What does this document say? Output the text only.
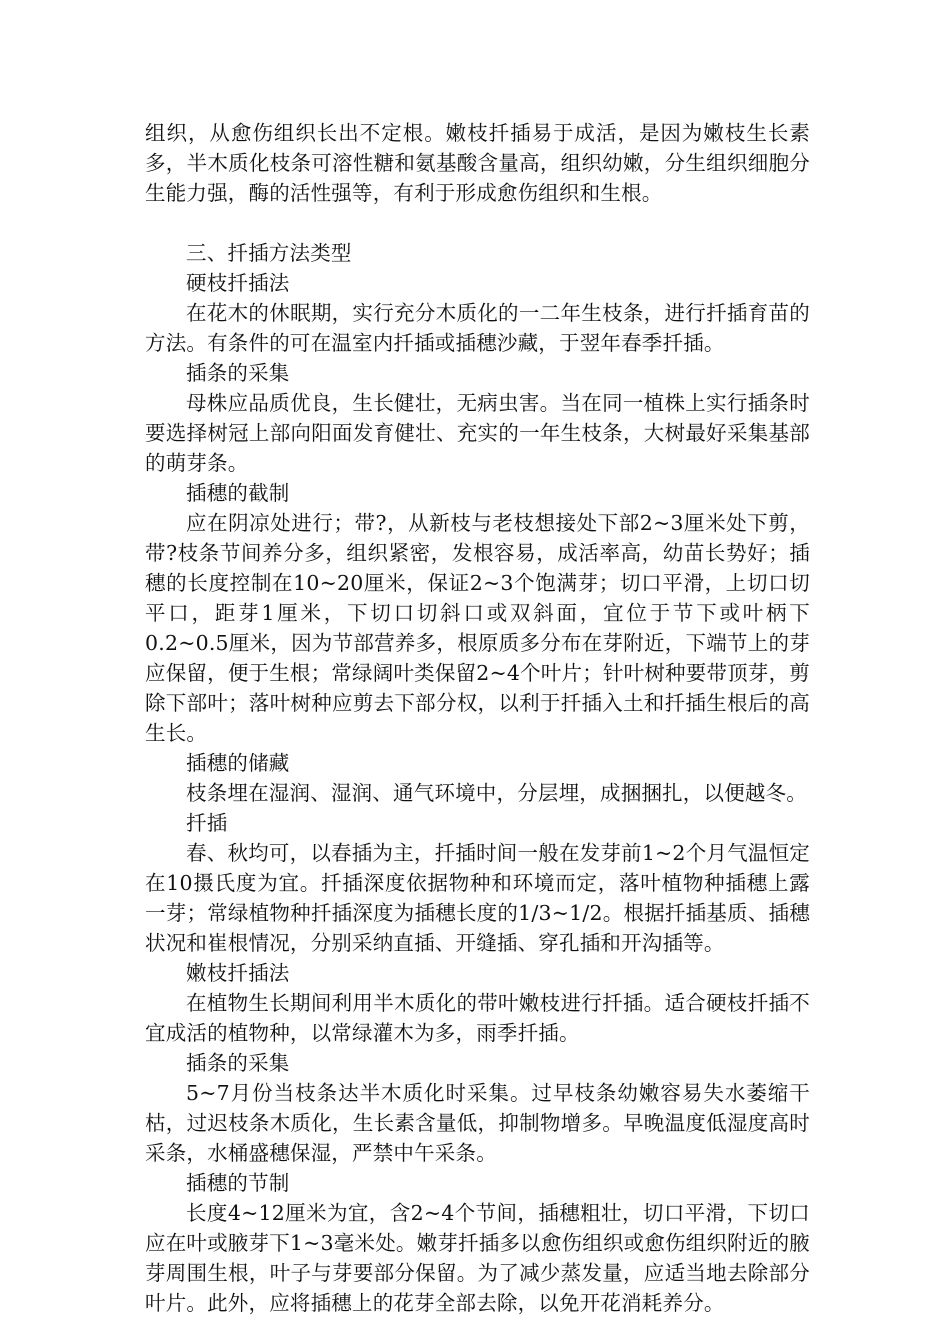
组织，从愈伤组织长出不定根。嫩枝扦插易于成活，是因为嫩枝生长素多，半木质化枝条可溶性糖和氨基酸含量高，组织幼嫩，分生组织细胞分生能力强，酶的活性强等，有利于形成愈伤组织和生根。

三、扦插方法类型

硬枝扦插法

在花木的休眠期，实行充分木质化的一二年生枝条，进行扦插育苗的方法。有条件的可在温室内扦插或插穗沙藏，于翌年春季扦插。

插条的采集

母株应品质优良，生长健壮，无病虫害。当在同一植株上实行插条时要选择树冠上部向阳面发育健壮、充实的一年生枝条，大树最好采集基部的萌芽条。

插穗的截制

应在阴凉处进行；带?，从新枝与老枝想接处下部2~3厘米处下剪，带?枝条节间养分多，组织紧密，发根容易，成活率高，幼苗长势好；插穗的长度控制在10~20厘米，保证2~3个饱满芽；切口平滑，上切口切平口，距芽1厘米，下切口切斜口或双斜面，宜位于节下或叶柄下0.2~0.5厘米，因为节部营养多，根原质多分布在芽附近，下端节上的芽应保留，便于生根；常绿阔叶类保留2~4个叶片；针叶树种要带顶芽，剪除下部叶；落叶树种应剪去下部分权，以利于扦插入土和扦插生根后的高生长。

插穗的储藏

枝条埋在湿润、湿润、通气环境中，分层埋，成捆捆扎，以便越冬。

扦插

春、秋均可，以春插为主，扦插时间一般在发芽前1~2个月气温恒定在10摄氏度为宜。扦插深度依据物种和环境而定，落叶植物种插穗上露一芽；常绿植物种扦插深度为插穗长度的1/3~1/2。根据扦插基质、插穗状况和崔根情况，分别采纳直插、开缝插、穿孔插和开沟插等。

嫩枝扦插法

在植物生长期间利用半木质化的带叶嫩枝进行扦插。适合硬枝扦插不宜成活的植物种，以常绿灌木为多，雨季扦插。

插条的采集

5~7月份当枝条达半木质化时采集。过早枝条幼嫩容易失水萎缩干枯，过迟枝条木质化，生长素含量低，抑制物增多。早晚温度低湿度高时采条，水桶盛穗保湿，严禁中午采条。

插穗的节制

长度4~12厘米为宜，含2~4个节间，插穗粗壮，切口平滑，下切口应在叶或腋芽下1~3毫米处。嫩芽扦插多以愈伤组织或愈伤组织附近的腋芽周围生根，叶子与芽要部分保留。为了减少蒸发量，应适当地去除部分叶片。此外，应将插穗上的花芽全部去除，以免开花消耗养分。
